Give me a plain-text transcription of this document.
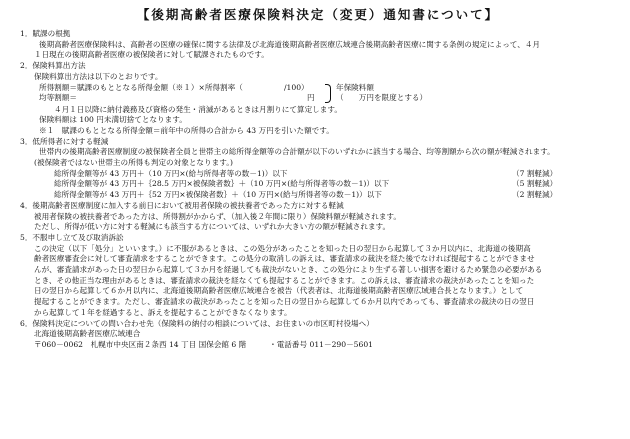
【後期高齢者医療保険料決定（変更）通知書について】
1．賦課の根拠
後期高齢者医療保険料は、高齢者の医療の確保に関する法律及び北海道後期高齢者医療広域連合後期高齢者医療に関する条例の規定によって、４月
１日現在の後期高齢者医療の被保険者に対して賦課されたものです。
2．保険料算出方法
保険料算出方法は以下のとおりです。
所得割額＝賦課のもととなる所得金額（※１）×所得割率（	/100）	年保険料額
均等割額＝	円	（　　万円を限度とする）
４月１日以降に納付義務及び資格の発生・消滅があるときは月割りにて算定します。
保険料額は 100 円未満切捨てとなります。
※１　賦課のもととなる所得金額＝前年中の所得の合計から 43 万円を引いた額です。
3．低所得者に対する軽減
世帯内の後期高齢者医療制度の被保険者全員と世帯主の総所得金額等の合計額が以下のいずれかに該当する場合、均等割額から次の額が軽減されます。
(被保険者ではない世帯主の所得も判定の対象となります。)
総所得金額等が 43 万円＋（10 万円×(給与所得者等の数－1)）以下	（7 割軽減）
総所得金額等が 43 万円＋｛28.5 万円×被保険者数｝＋（10 万円×(給与所得者等の数－1)）以下	（5 割軽減）
総所得金額等が 43 万円＋｛52 万円×被保険者数｝＋（10 万円×(給与所得者等の数－1)）以下	（2 割軽減）
4．後期高齢者医療制度に加入する前日において被用者保険の被扶養者であった方に対する軽減
被用者保険の被扶養者であった方は、所得割がかからず、（加入後２年間に限り）保険料額が軽減されます。
ただし、所得が低い方に対する軽減にも該当する方については、いずれか大きい方の額が軽減されます。
5．不服申し立て及び取消訴訟
この決定（以下「処分」といいます。）に不服があるときは、この処分があったことを知った日の翌日から起算して３か月以内に、北海道の後期高
齢者医療審査会に対して審査請求をすることができます。この処分の取消しの訴えは、審査請求の裁決を経た後でなければ提起することができませ
んが、審査請求があった日の翌日から起算して３か月を経過しても裁決がないとき、この処分により生ずる著しい損害を避けるため緊急の必要がある
とき、その他正当な理由があるときは、審査請求の裁決を経なくても提起することができます。この訴えは、審査請求の裁決があったことを知った
日の翌日から起算して６か月以内に、北海道後期高齢者医療広域連合を被告（代表者は、北海道後期高齢者医療広域連合長となります。）として
提起することができます。ただし、審査請求の裁決があったことを知った日の翌日から起算して６か月以内であっても、審査請求の裁決の日の翌日
から起算して１年を経過すると、訴えを提起することができなくなります。
6．保険料決定についての問い合わせ先（保険料の納付の相談については、お住まいの市区町村役場へ）
北海道後期高齢者医療広域連合
〒060－0062　札幌市中央区南２条西 14 丁目 国保会館 6 階	・電話番号 011－290－5601
